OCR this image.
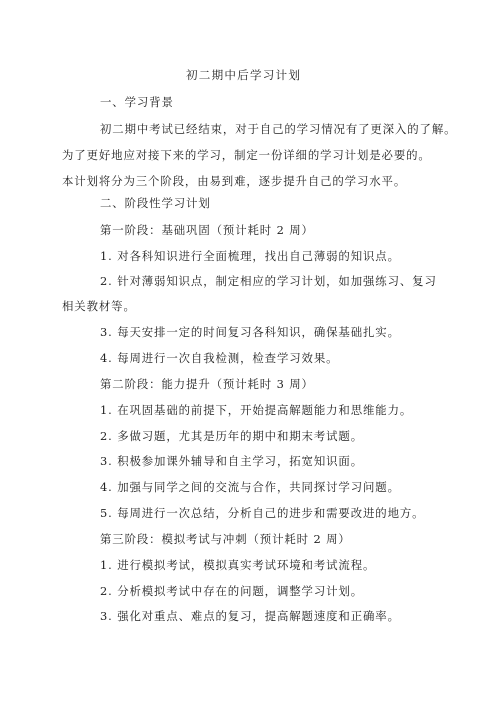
初二期中后学习计划
一、学习背景
初二期中考试已经结束，对于自己的学习情况有了更深入的了解。
为了更好地应对接下来的学习，制定一份详细的学习计划是必要的。
本计划将分为三个阶段，由易到难，逐步提升自己的学习水平。
二、阶段性学习计划
第一阶段：基础巩固（预计耗时 2 周）
1. 对各科知识进行全面梳理，找出自己薄弱的知识点。
2. 针对薄弱知识点，制定相应的学习计划，如加强练习、复习
相关教材等。
3. 每天安排一定的时间复习各科知识，确保基础扎实。
4. 每周进行一次自我检测，检查学习效果。
第二阶段：能力提升（预计耗时 3 周）
1. 在巩固基础的前提下，开始提高解题能力和思维能力。
2. 多做习题，尤其是历年的期中和期末考试题。
3. 积极参加课外辅导和自主学习，拓宽知识面。
4. 加强与同学之间的交流与合作，共同探讨学习问题。
5. 每周进行一次总结，分析自己的进步和需要改进的地方。
第三阶段：模拟考试与冲刺（预计耗时 2 周）
1. 进行模拟考试，模拟真实考试环境和考试流程。
2. 分析模拟考试中存在的问题，调整学习计划。
3. 强化对重点、难点的复习，提高解题速度和正确率。
